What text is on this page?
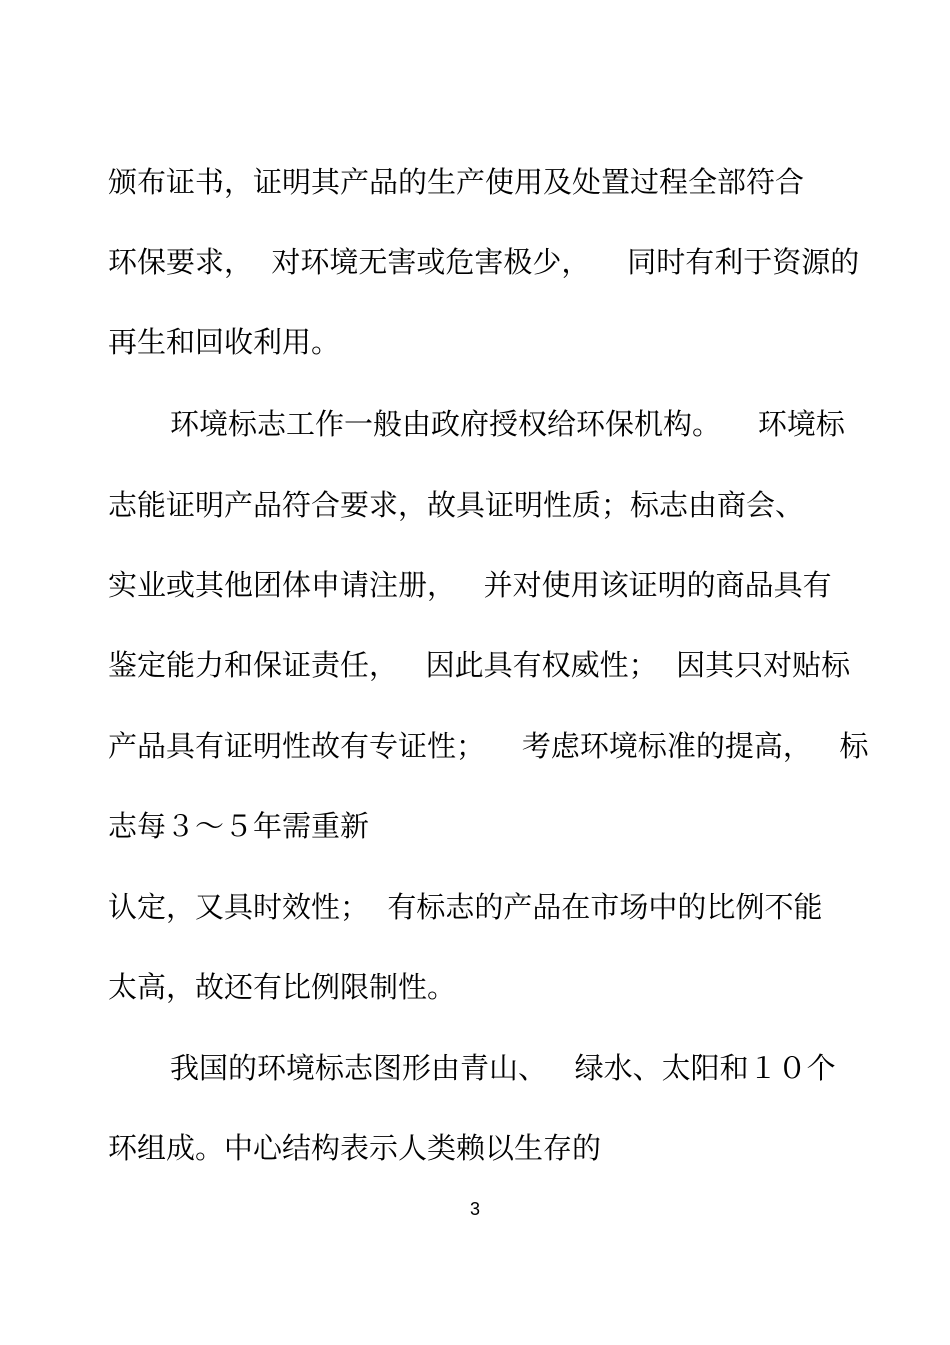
颁布证书，证明其产品的生产使用及处置过程全部符合
环保要求，  对环境无害或危害极少，    同时有利于资源的
再生和回收利用。
环境标志工作一般由政府授权给环保机构。    环境标
志能证明产品符合要求，故具证明性质；标志由商会、
实业或其他团体申请注册，   并对使用该证明的商品具有
鉴定能力和保证责任，   因此具有权威性；  因其只对贴标
产品具有证明性故有专证性；    考虑环境标准的提高，   标
志每３～５年需重新
认定，又具时效性；  有标志的产品在市场中的比例不能
太高，故还有比例限制性。
我国的环境标志图形由青山、   绿水、太阳和１０个
环组成。中心结构表示人类赖以生存的
3
